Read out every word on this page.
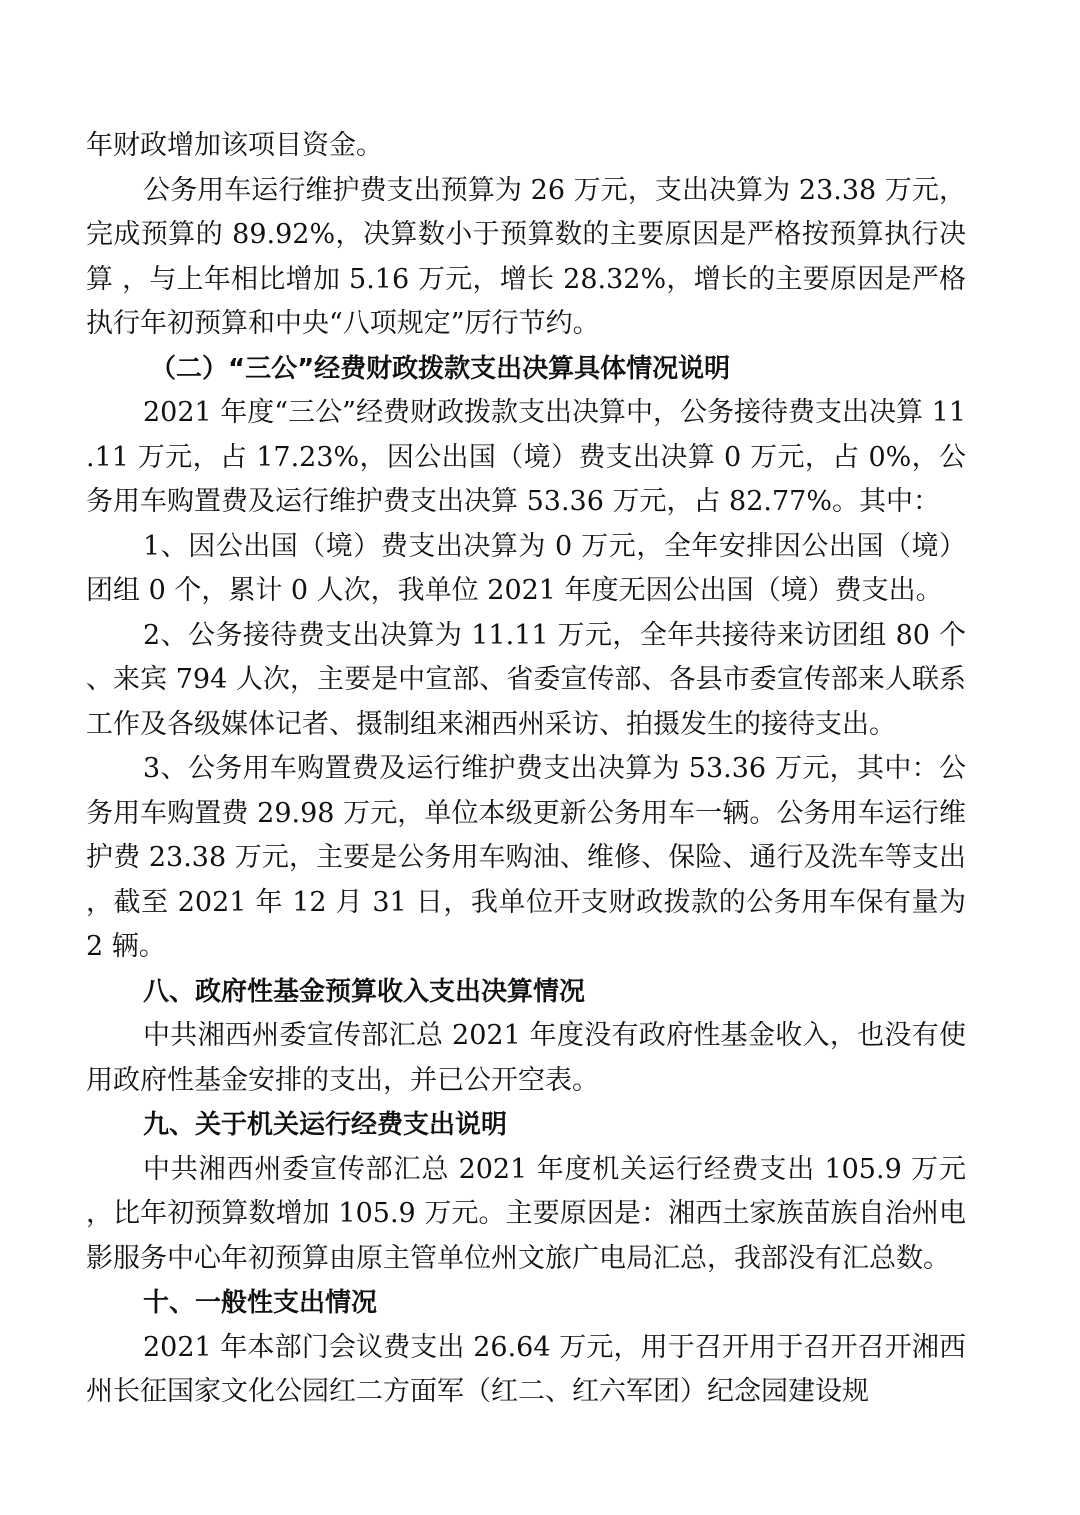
年财政增加该项目资金。

公务用车运行维护费支出预算为 26 万元，支出决算为 23.38 万元，完成预算的 89.92%，决算数小于预算数的主要原因是严格按预算执行决算 ，与上年相比增加 5.16 万元，增长 28.32%，增长的主要原因是严格执行年初预算和中央“八项规定”厉行节约。

（二）“三公”经费财政拨款支出决算具体情况说明

2021 年度“三公”经费财政拨款支出决算中，公务接待费支出决算 11.11 万元，占 17.23%，因公出国（境）费支出决算 0 万元，占 0%，公务用车购置费及运行维护费支出决算 53.36 万元，占 82.77%。其中：

1、因公出国（境）费支出决算为 0 万元，全年安排因公出国（境）团组 0 个，累计 0 人次，我单位 2021 年度无因公出国（境）费支出。

2、公务接待费支出决算为 11.11 万元，全年共接待来访团组 80 个、来宾 794 人次，主要是中宣部、省委宣传部、各县市委宣传部来人联系工作及各级媒体记者、摄制组来湘西州采访、拍摄发生的接待支出。

3、公务用车购置费及运行维护费支出决算为 53.36 万元，其中：公务用车购置费 29.98 万元，单位本级更新公务用车一辆。公务用车运行维护费 23.38 万元，主要是公务用车购油、维修、保险、通行及洗车等支出，截至 2021 年 12 月 31 日，我单位开支财政拨款的公务用车保有量为 2 辆。

八、政府性基金预算收入支出决算情况

中共湘西州委宣传部汇总 2021 年度没有政府性基金收入，也没有使用政府性基金安排的支出，并已公开空表。

九、关于机关运行经费支出说明

中共湘西州委宣传部汇总 2021 年度机关运行经费支出 105.9 万元，比年初预算数增加 105.9 万元。主要原因是：湘西土家族苗族自治州电影服务中心年初预算由原主管单位州文旅广电局汇总，我部没有汇总数。

十、一般性支出情况

2021 年本部门会议费支出 26.64 万元，用于召开用于召开召开湘西州长征国家文化公园红二方面军（红二、红六军团）纪念园建设规
